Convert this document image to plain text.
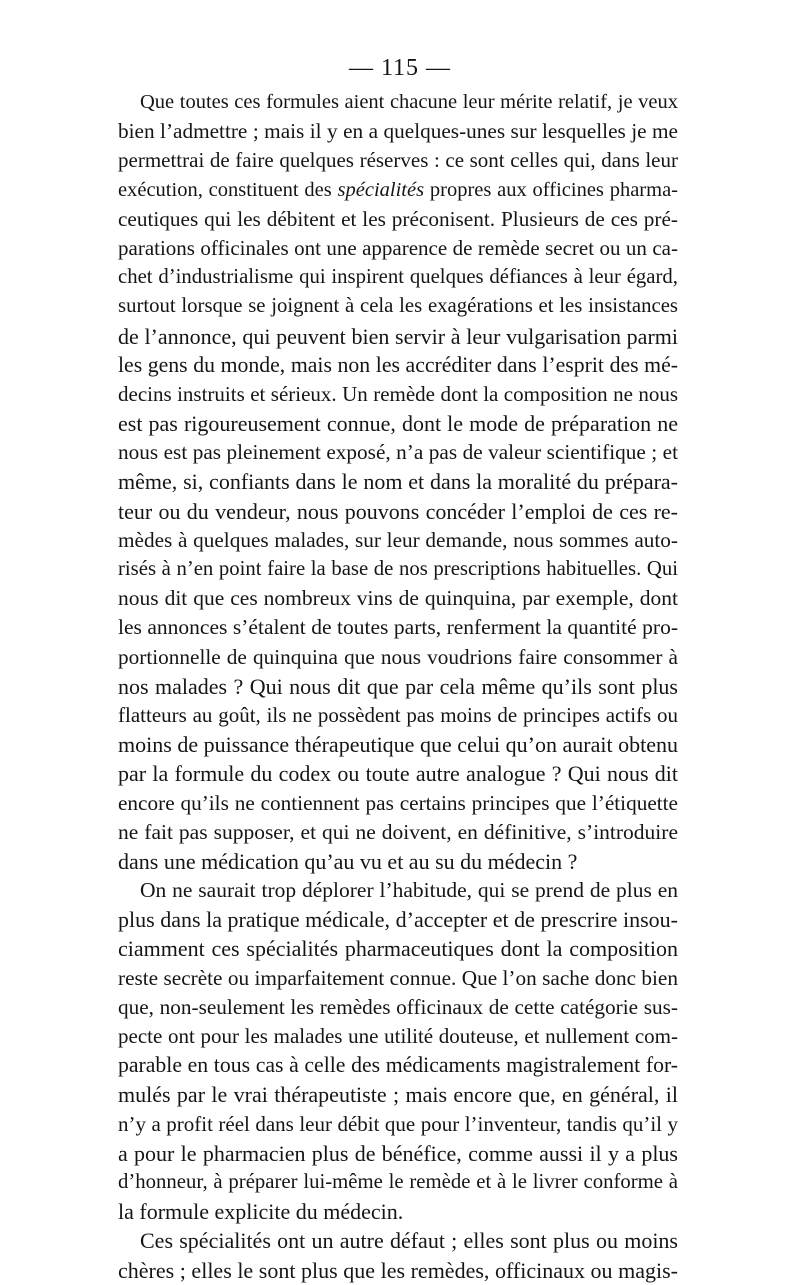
— 115 —
Que toutes ces formules aient chacune leur mérite relatif, je veux
bien l’admettre ; mais il y en a quelques-unes sur lesquelles je me
permettrai de faire quelques réserves : ce sont celles qui, dans leur
exécution, constituent des spécialités propres aux officines pharma-
ceutiques qui les débitent et les préconisent. Plusieurs de ces pré-
parations officinales ont une apparence de remède secret ou un ca-
chet d’industrialisme qui inspirent quelques défiances à leur égard,
surtout lorsque se joignent à cela les exagérations et les insistances
de l’annonce, qui peuvent bien servir à leur vulgarisation parmi
les gens du monde, mais non les accréditer dans l’esprit des mé-
decins instruits et sérieux. Un remède dont la composition ne nous
est pas rigoureusement connue, dont le mode de préparation ne
nous est pas pleinement exposé, n’a pas de valeur scientifique ; et
même, si, confiants dans le nom et dans la moralité du prépara-
teur ou du vendeur, nous pouvons concéder l’emploi de ces re-
mèdes à quelques malades, sur leur demande, nous sommes auto-
risés à n’en point faire la base de nos prescriptions habituelles. Qui
nous dit que ces nombreux vins de quinquina, par exemple, dont
les annonces s’étalent de toutes parts, renferment la quantité pro-
portionnelle de quinquina que nous voudrions faire consommer à
nos malades ? Qui nous dit que par cela même qu’ils sont plus
flatteurs au goût, ils ne possèdent pas moins de principes actifs ou
moins de puissance thérapeutique que celui qu’on aurait obtenu
par la formule du codex ou toute autre analogue ? Qui nous dit
encore qu’ils ne contiennent pas certains principes que l’étiquette
ne fait pas supposer, et qui ne doivent, en définitive, s’introduire
dans une médication qu’au vu et au su du médecin ?
On ne saurait trop déplorer l’habitude, qui se prend de plus en
plus dans la pratique médicale, d’accepter et de prescrire insou-
ciamment ces spécialités pharmaceutiques dont la composition
reste secrète ou imparfaitement connue. Que l’on sache donc bien
que, non-seulement les remèdes officinaux de cette catégorie sus-
pecte ont pour les malades une utilité douteuse, et nullement com-
parable en tous cas à celle des médicaments magistralement for-
mulés par le vrai thérapeutiste ; mais encore que, en général, il
n’y a profit réel dans leur débit que pour l’inventeur, tandis qu’il y
a pour le pharmacien plus de bénéfice, comme aussi il y a plus
d’honneur, à préparer lui-même le remède et à le livrer conforme à
la formule explicite du médecin.
Ces spécialités ont un autre défaut ; elles sont plus ou moins
chères ; elles le sont plus que les remèdes, officinaux ou magis-
